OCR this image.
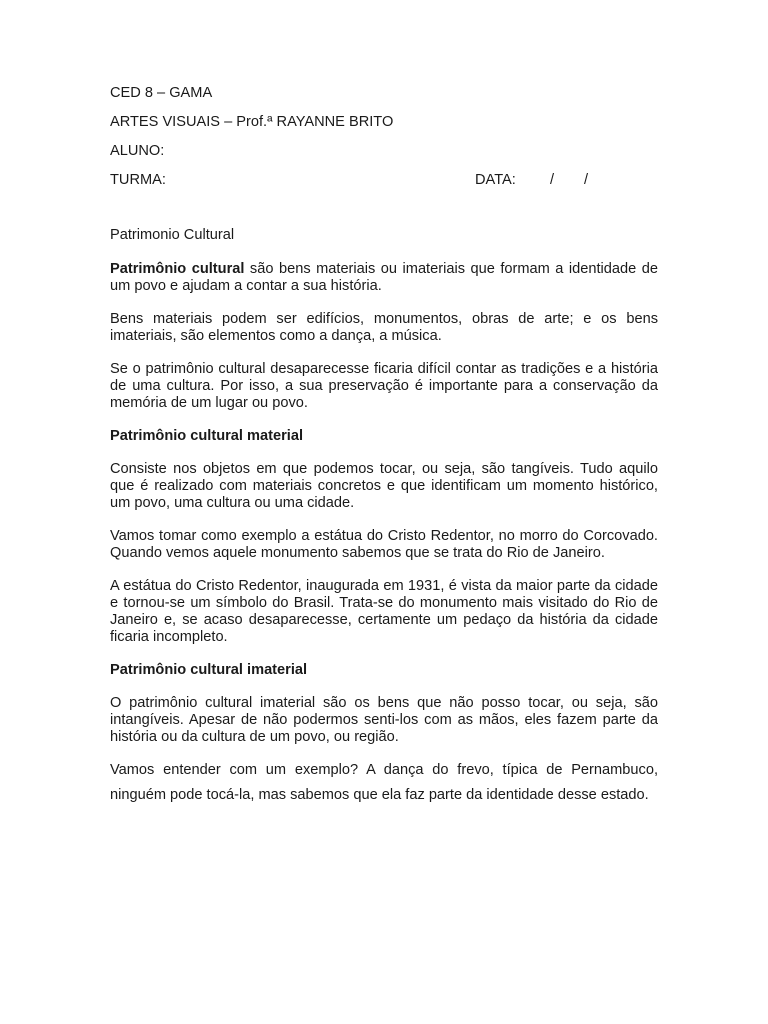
CED 8 – GAMA
ARTES VISUAIS – Prof.ª RAYANNE BRITO
ALUNO:
TURMA:	DATA: / /
Patrimonio Cultural

Patrimônio cultural são bens materiais ou imateriais que formam a identidade de um povo e ajudam a contar a sua história.

Bens materiais podem ser edifícios, monumentos, obras de arte; e os bens imateriais, são elementos como a dança, a música.

Se o patrimônio cultural desaparecesse ficaria difícil contar as tradições e a história de uma cultura. Por isso, a sua preservação é importante para a conservação da memória de um lugar ou povo.

Patrimônio cultural material

Consiste nos objetos em que podemos tocar, ou seja, são tangíveis. Tudo aquilo que é realizado com materiais concretos e que identificam um momento histórico, um povo, uma cultura ou uma cidade.

Vamos tomar como exemplo a estátua do Cristo Redentor, no morro do Corcovado. Quando vemos aquele monumento sabemos que se trata do Rio de Janeiro.

A estátua do Cristo Redentor, inaugurada em 1931, é vista da maior parte da cidade e tornou-se um símbolo do Brasil. Trata-se do monumento mais visitado do Rio de Janeiro e, se acaso desaparecesse, certamente um pedaço da história da cidade ficaria incompleto.

Patrimônio cultural imaterial

O patrimônio cultural imaterial são os bens que não posso tocar, ou seja, são intangíveis. Apesar de não podermos senti-los com as mãos, eles fazem parte da história ou da cultura de um povo, ou região.

Vamos entender com um exemplo? A dança do frevo, típica de Pernambuco, ninguém pode tocá-la, mas sabemos que ela faz parte da identidade desse estado.
